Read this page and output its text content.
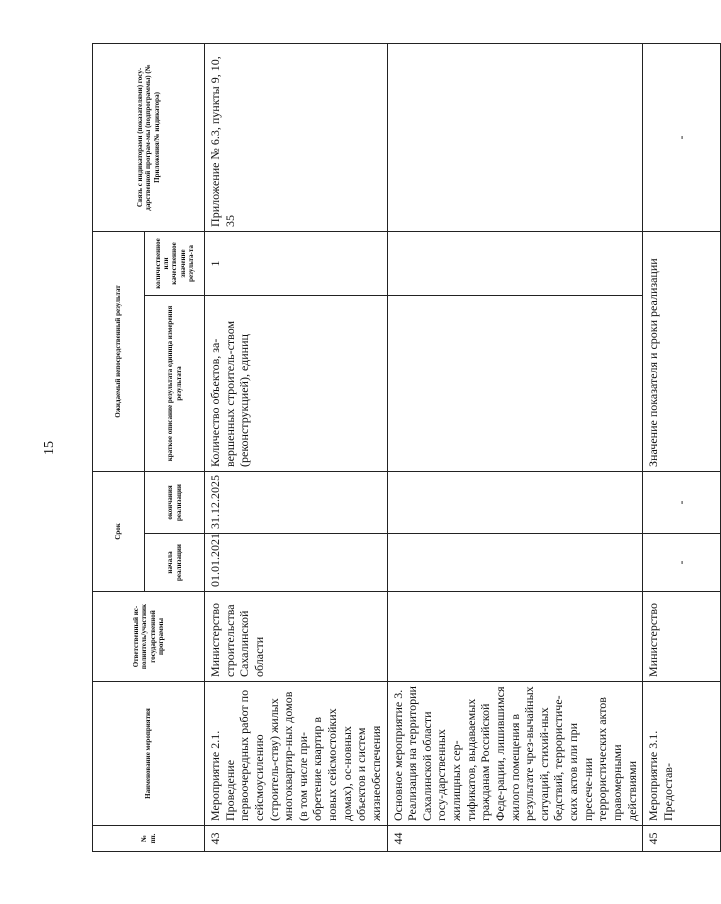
15
№ пп.	Наименование мероприятия	Ответственный ис-полнитель/участник государственной программы	Срок		Ожидаемый непосредственный результат		Связь с индикаторами (показателями) госу-дарственной програм-мы (подпрограммы) (№ Приложения/№ индикатора)
			начала реализации	окончания реализации	краткое описание результата единица измерения результата	количественное или качественное значение результа-та	
43	Мероприятие 2.1. Проведение первоочередных работ по сейсмоусилению (строитель-ству) жилых многоквартир-ных домов (в том числе при-обретение квартир в новых сейсмостойких домах), ос-новных объектов и систем жизнеобеспечения	Министерство строительства Сахалинской области	01.01.2021	31.12.2025	Количество объектов, за-вершенных строитель-ством (реконструкцией), единиц	1	Приложение № 6.3, пункты 9, 10, 35
44	Основное мероприятие 3. Реализация на территории Сахалинской области госу-дарственных жилищных сер-тификатов, выдаваемых гражданам Российской Феде-рации, лишившимся жилого помещения в результате чрез-вычайных ситуаций, стихий-ных бедствий, террористиче-ских актов или при пресече-нии террористических актов правомерными действиями						
45	Мероприятие 3.1. Предостав-	Министерство	-	-	Значение показателя и сроки реализации		-
